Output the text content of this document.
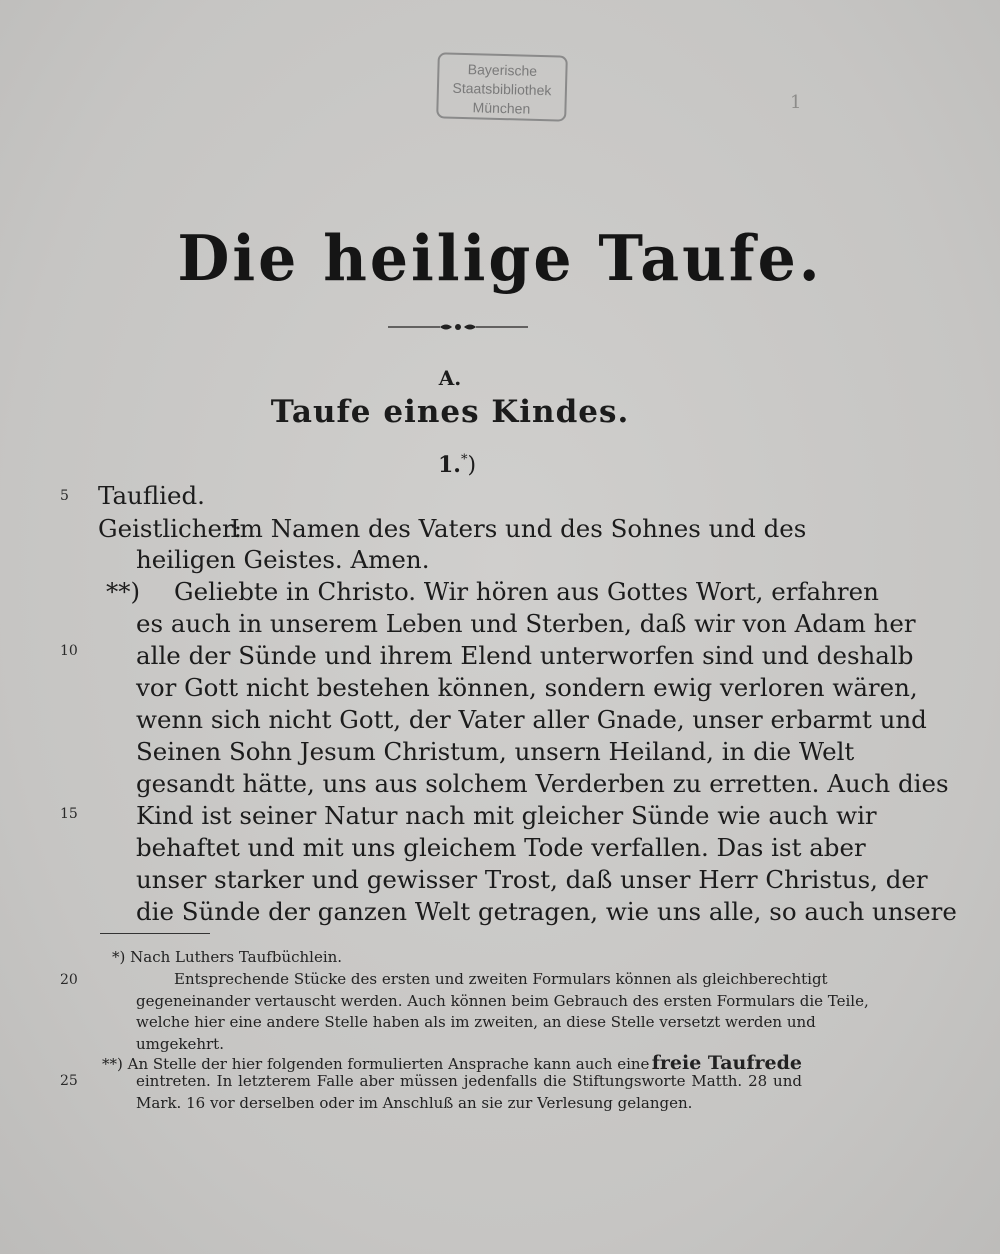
Bayerische
Staatsbibliothek
München	1
Die heilige Taufe.
A.
Taufe eines Kindes.
1.*)
5
10
15
20
25
Tauflied.
Geistlicher:
Im Namen des Vaters und des Sohnes und des
heiligen Geistes. Amen.
**) Geliebte in Christo. Wir hören aus Gottes Wort, erfahren
es auch in unserem Leben und Sterben, daß wir von Adam her
alle der Sünde und ihrem Elend unterworfen sind und deshalb
vor Gott nicht bestehen können, sondern ewig verloren wären,
wenn sich nicht Gott, der Vater aller Gnade, unser erbarmt und
Seinen Sohn Jesum Christum, unsern Heiland, in die Welt
gesandt hätte, uns aus solchem Verderben zu erretten. Auch dies
Kind ist seiner Natur nach mit gleicher Sünde wie auch wir
behaftet und mit uns gleichem Tode verfallen. Das ist aber
unser starker und gewisser Trost, daß unser Herr Christus, der
die Sünde der ganzen Welt getragen, wie uns alle, so auch unsere
*) Nach Luthers Taufbüchlein.
Entsprechende Stücke des ersten und zweiten Formulars können als gleichberechtigt
gegeneinander vertauscht werden. Auch können beim Gebrauch des ersten Formulars die Teile,
welche hier eine andere Stelle haben als im zweiten, an diese Stelle versetzt werden und
umgekehrt.
**) An Stelle der hier folgenden formulierten Ansprache kann auch eine freie Taufrede
eintreten. In letzterem Falle aber müssen jedenfalls die Stiftungsworte Matth. 28 und
Mark. 16 vor derselben oder im Anschluß an sie zur Verlesung gelangen.
